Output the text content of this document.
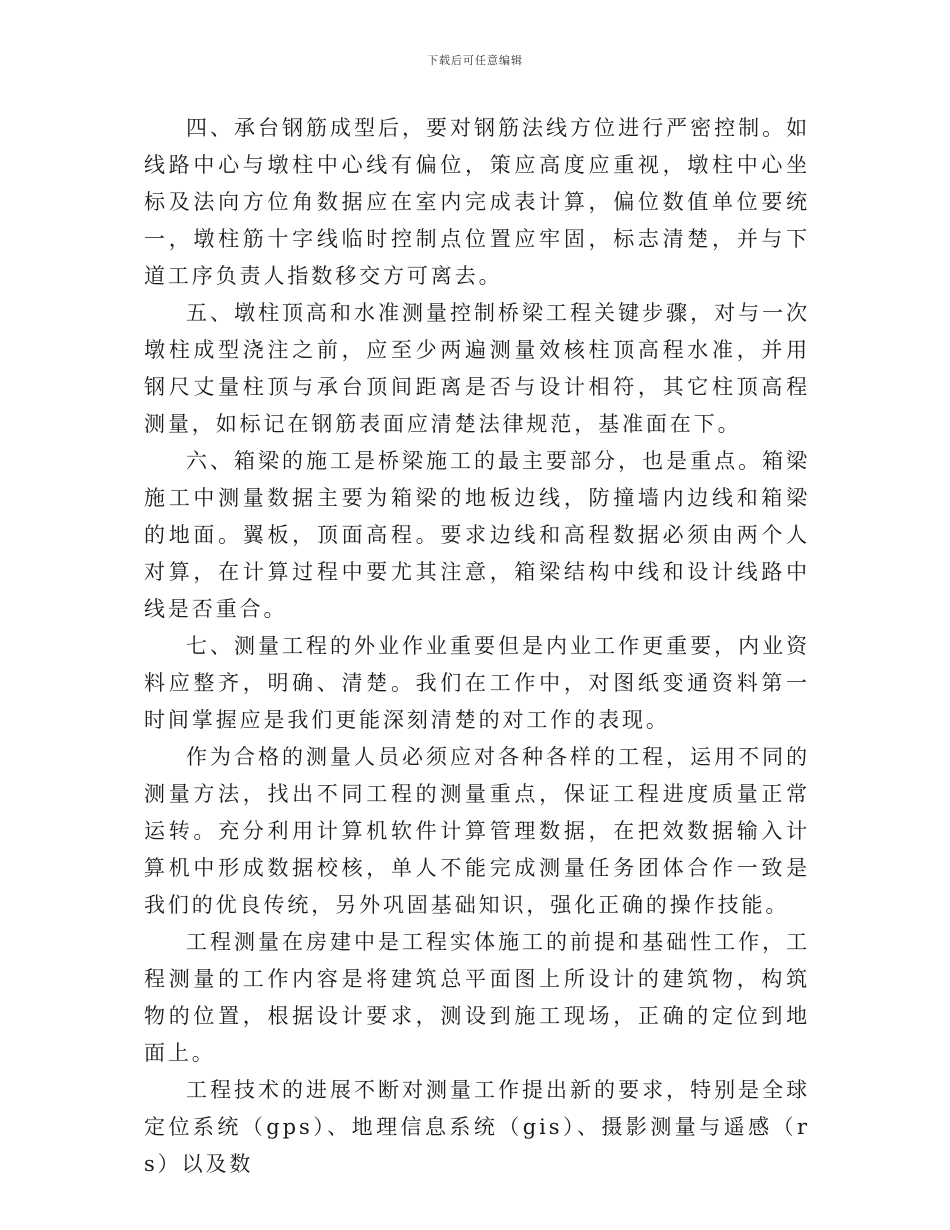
下载后可任意编辑

四、承台钢筋成型后，要对钢筋法线方位进行严密控制。如线路中心与墩柱中心线有偏位，策应高度应重视，墩柱中心坐标及法向方位角数据应在室内完成表计算，偏位数值单位要统一，墩柱筋十字线临时控制点位置应牢固，标志清楚，并与下道工序负责人指数移交方可离去。

五、墩柱顶高和水准测量控制桥梁工程关键步骤，对与一次墩柱成型浇注之前，应至少两遍测量效核柱顶高程水准，并用钢尺丈量柱顶与承台顶间距离是否与设计相符，其它柱顶高程测量，如标记在钢筋表面应清楚法律规范，基准面在下。

六、箱梁的施工是桥梁施工的最主要部分，也是重点。箱梁施工中测量数据主要为箱梁的地板边线，防撞墙内边线和箱梁的地面。翼板，顶面高程。要求边线和高程数据必须由两个人对算，在计算过程中要尤其注意，箱梁结构中线和设计线路中线是否重合。

七、测量工程的外业作业重要但是内业工作更重要，内业资料应整齐，明确、清楚。我们在工作中，对图纸变通资料第一时间掌握应是我们更能深刻清楚的对工作的表现。

作为合格的测量人员必须应对各种各样的工程，运用不同的测量方法，找出不同工程的测量重点，保证工程进度质量正常运转。充分利用计算机软件计算管理数据，在把效数据输入计算机中形成数据校核，单人不能完成测量任务团体合作一致是我们的优良传统，另外巩固基础知识，强化正确的操作技能。

工程测量在房建中是工程实体施工的前提和基础性工作，工程测量的工作内容是将建筑总平面图上所设计的建筑物，构筑物的位置，根据设计要求，测设到施工现场，正确的定位到地面上。

工程技术的进展不断对测量工作提出新的要求，特别是全球定位系统（gps）、地理信息系统（gis）、摄影测量与遥感（rs）以及数
